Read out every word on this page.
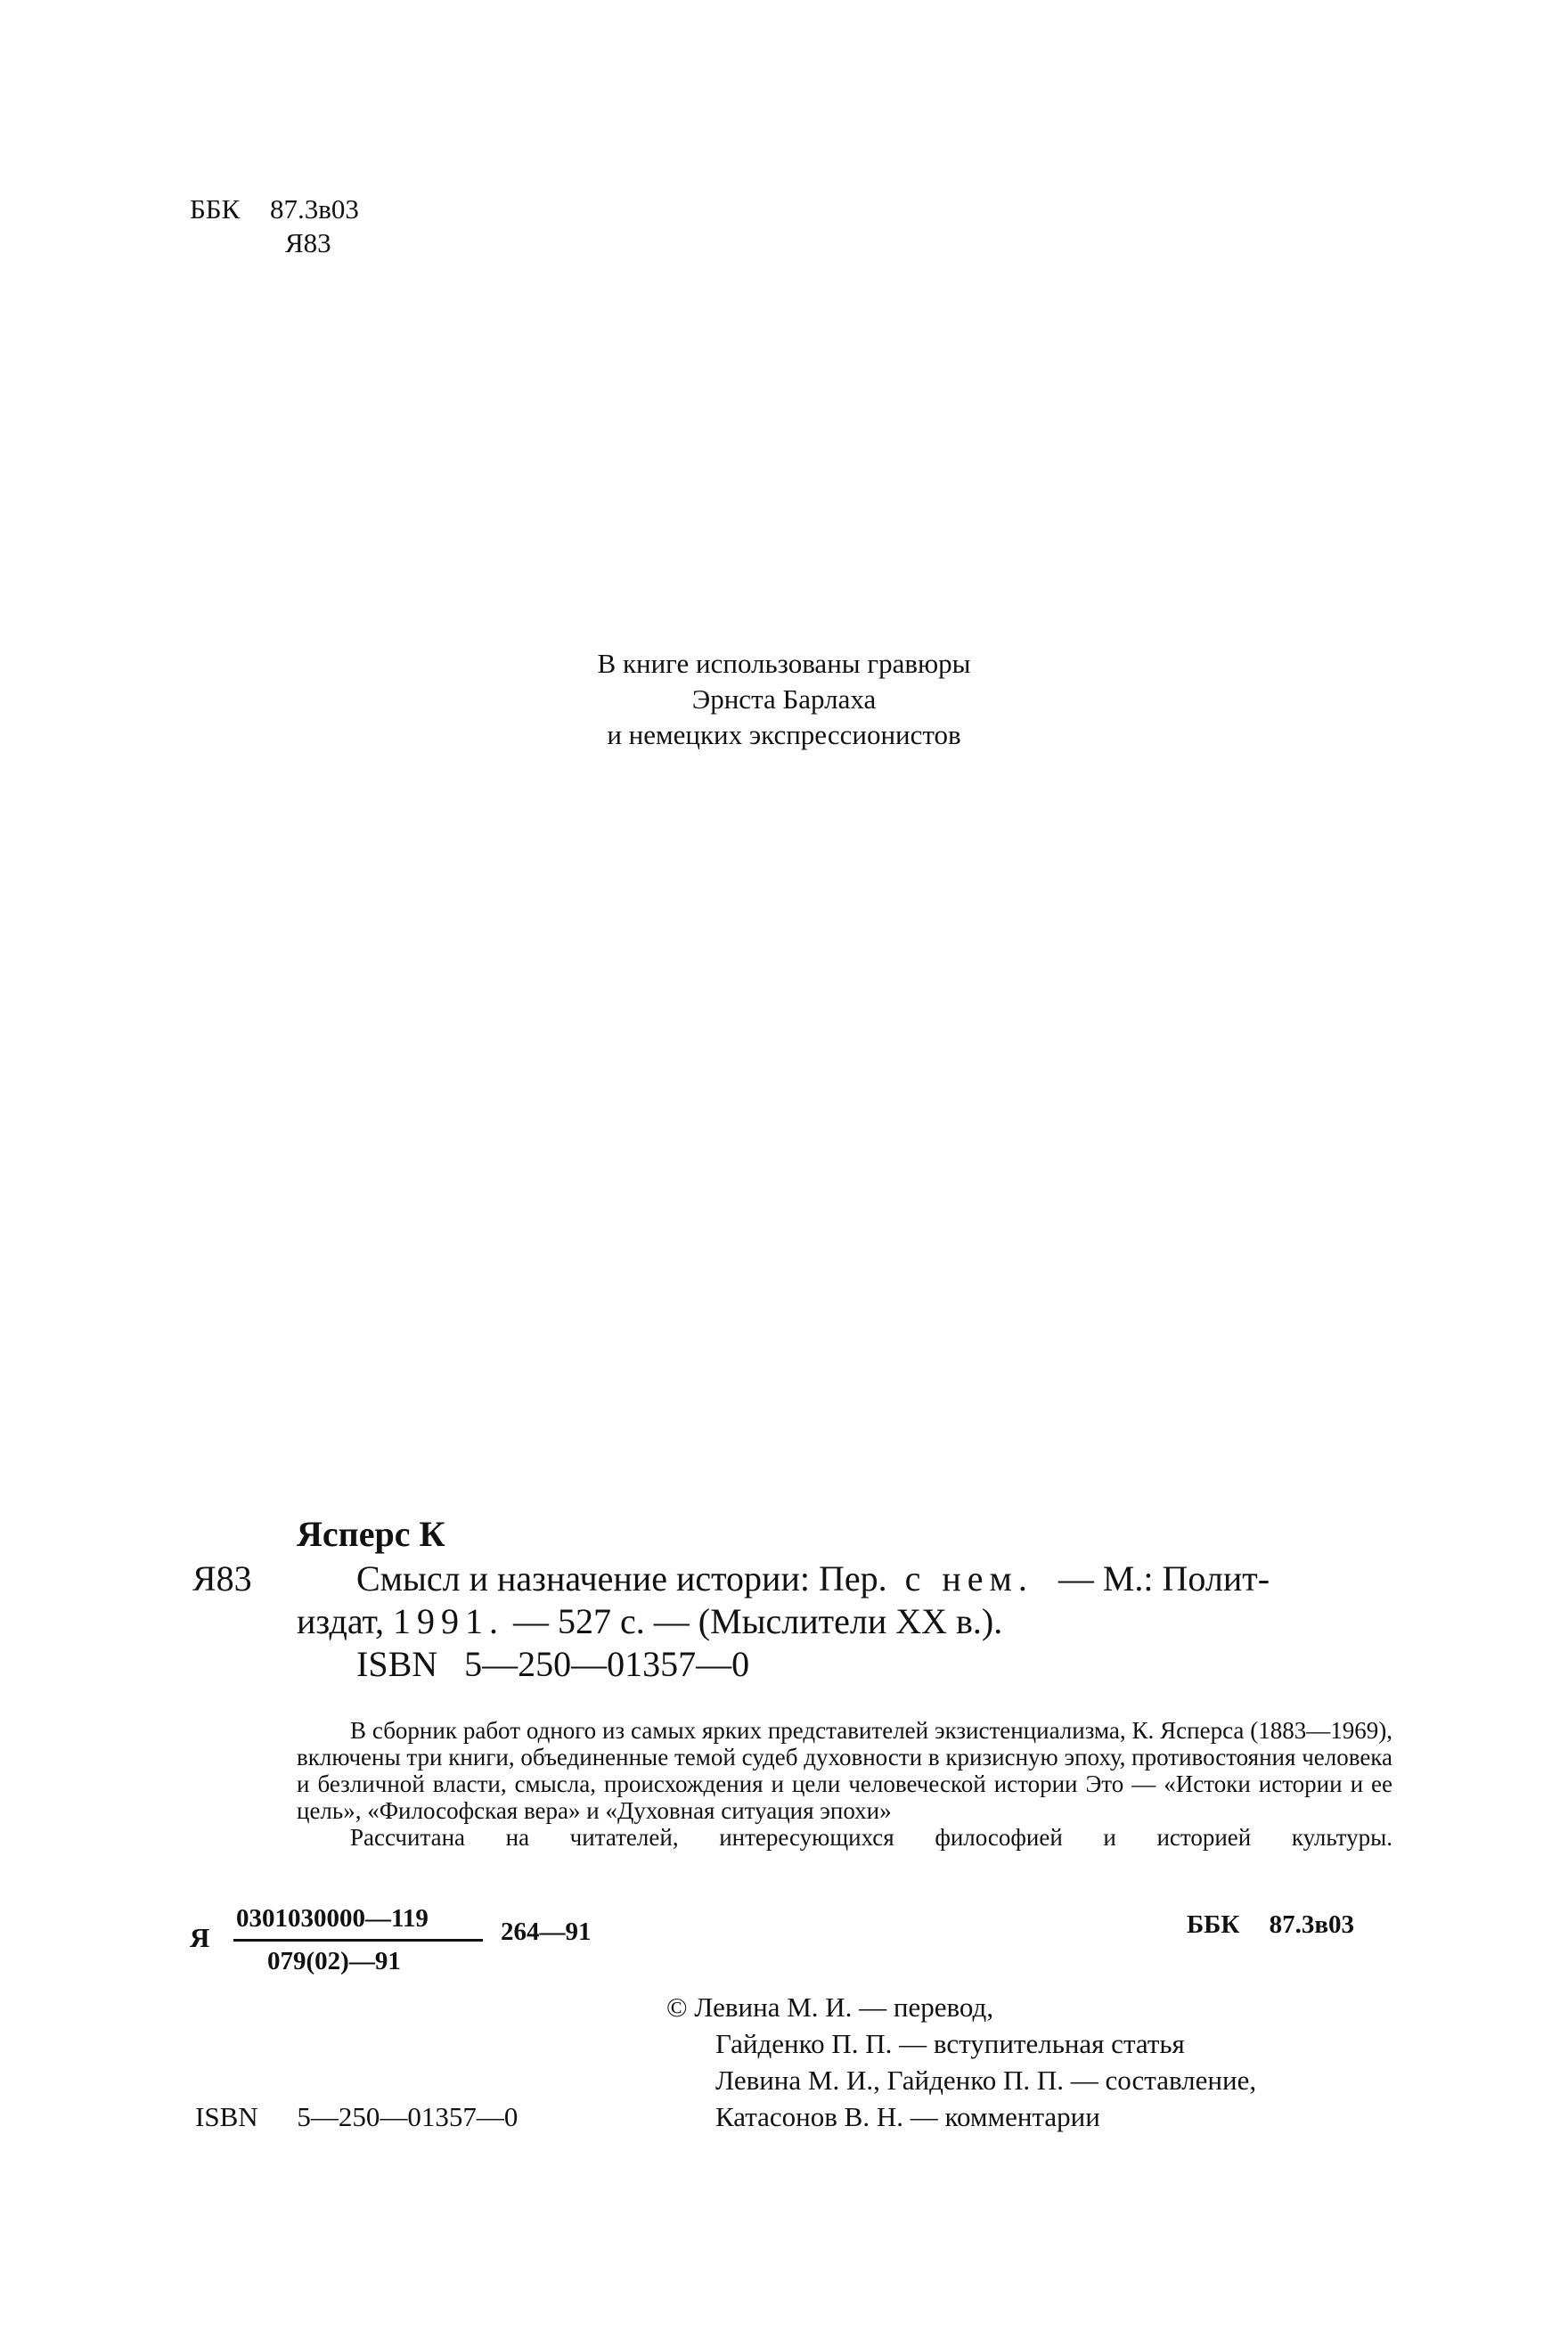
ББК 87.3в03
Я83
В книге использованы гравюры
Эрнста Барлаха
и немецких экспрессионистов
Ясперс К
Я83	Смысл и назначение истории: Пер. с нем. — М.: Полит-
издат, 1991. — 527 с. — (Мыслители XX в.).
ISBN 5—250—01357—0

В сборник работ одного из самых ярких представителей экзистенциализма, К. Ясперса (1883—1969), включены три книги, объединенные темой судеб духовности в кризисную эпоху, противостояния человека и безличной власти, смысла, происхождения и цели человеческой истории Это — «Истоки истории и ее цель», «Философская вера» и «Духовная ситуация эпохи»

Рассчитана на читателей, интересующихся философией и историей культуры.

Я
0301030000—119
079(02)—91
264—91	ББК 87.3в03
© Левина М. И. — перевод,
Гайденко П. П. — вступительная статья
Левина М. И., Гайденко П. П. — составление,
Катасонов В. Н. — комментарии
ISBN 5—250—01357—0
